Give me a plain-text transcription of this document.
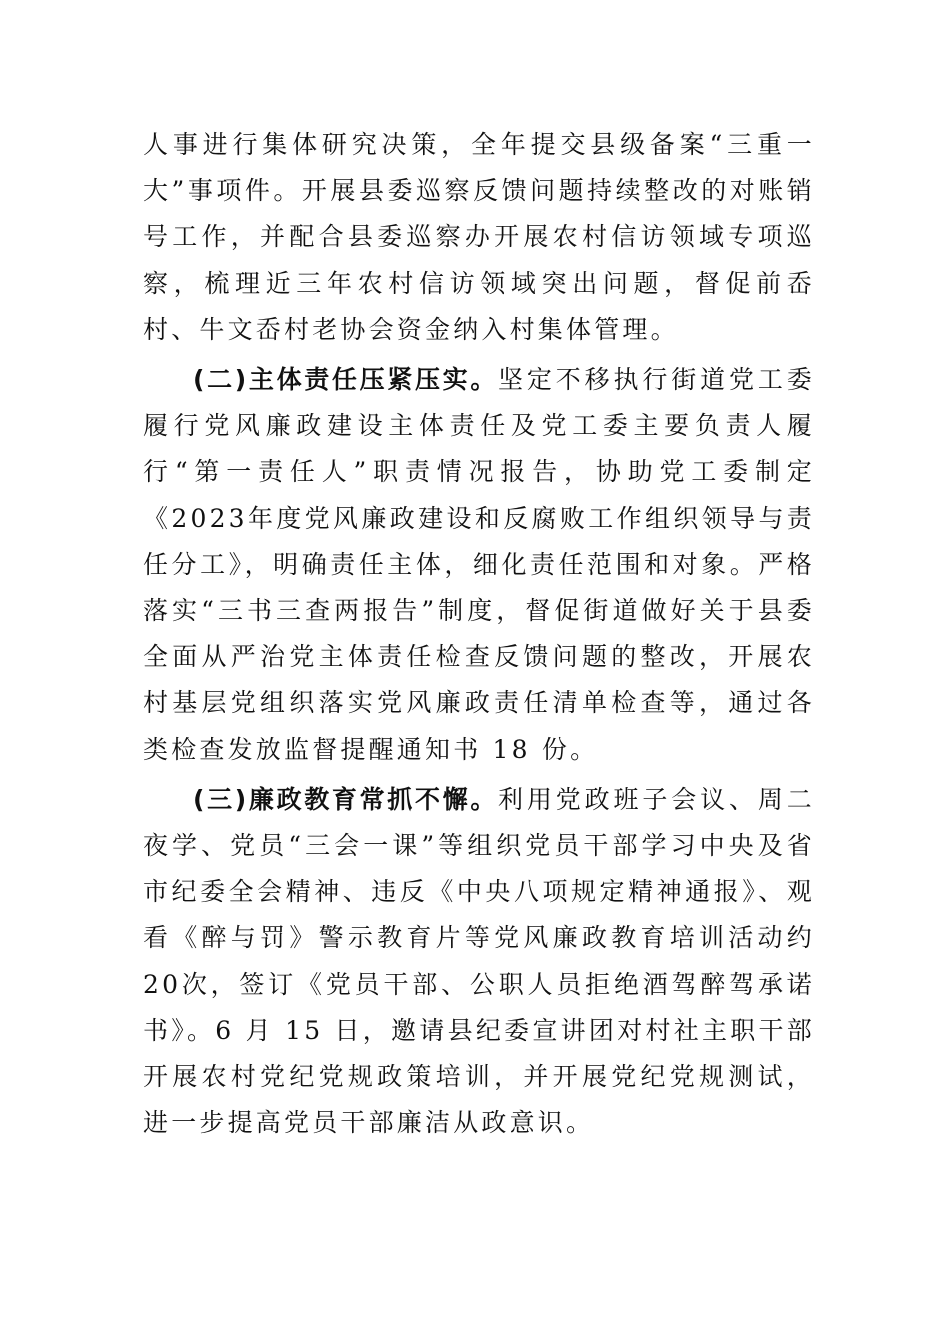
人事进行集体研究决策，全年提交县级备案“三重一大”事项件。开展县委巡察反馈问题持续整改的对账销号工作，并配合县委巡察办开展农村信访领域专项巡察，梳理近三年农村信访领域突出问题，督促前岙村、牛文岙村老协会资金纳入村集体管理。

(二)主体责任压紧压实。坚定不移执行街道党工委履行党风廉政建设主体责任及党工委主要负责人履行“第一责任人”职责情况报告，协助党工委制定《2023年度党风廉政建设和反腐败工作组织领导与责任分工》，明确责任主体，细化责任范围和对象。严格落实“三书三查两报告”制度，督促街道做好关于县委全面从严治党主体责任检查反馈问题的整改，开展农村基层党组织落实党风廉政责任清单检查等，通过各类检查发放监督提醒通知书 18 份。

(三)廉政教育常抓不懈。利用党政班子会议、周二夜学、党员“三会一课”等组织党员干部学习中央及省市纪委全会精神、违反《中央八项规定精神通报》、观看《醉与罚》警示教育片等党风廉政教育培训活动约 20次，签订《党员干部、公职人员拒绝酒驾醉驾承诺书》。6 月 15 日，邀请县纪委宣讲团对村社主职干部开展农村党纪党规政策培训，并开展党纪党规测试，进一步提高党员干部廉洁从政意识。
